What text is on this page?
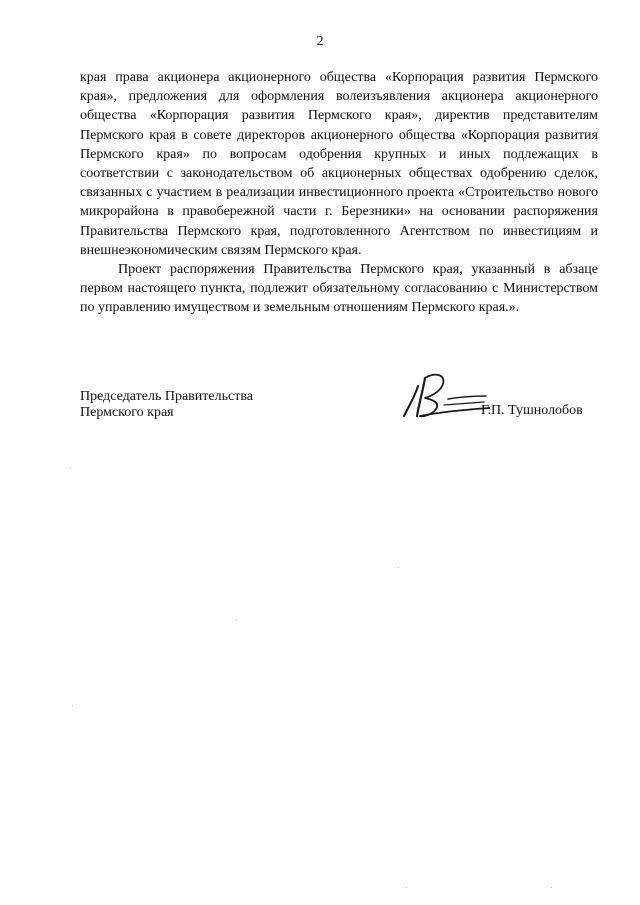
2

края права акционера акционерного общества «Корпорация развития Пермского края», предложения для оформления волеизъявления акционера акционерного общества «Корпорация развития Пермского края», директив представителям Пермского края в совете директоров акционерного общества «Корпорация развития Пермского края» по вопросам одобрения крупных и иных подлежащих в соответствии с законодательством об акционерных обществах одобрению сделок, связанных с участием в реализации инвестиционного проекта «Строительство нового микрорайона в правобережной части г. Березники» на основании распоряжения Правительства Пермского края, подготовленного Агентством по инвестициям и внешнеэкономическим связям Пермского края.

Проект распоряжения Правительства Пермского края, указанный в абзаце первом настоящего пункта, подлежит обязательному согласованию с Министерством по управлению имуществом и земельным отношениям Пермского края.».

Председатель Правительства
Пермского края	Г.П. Тушнолобов
